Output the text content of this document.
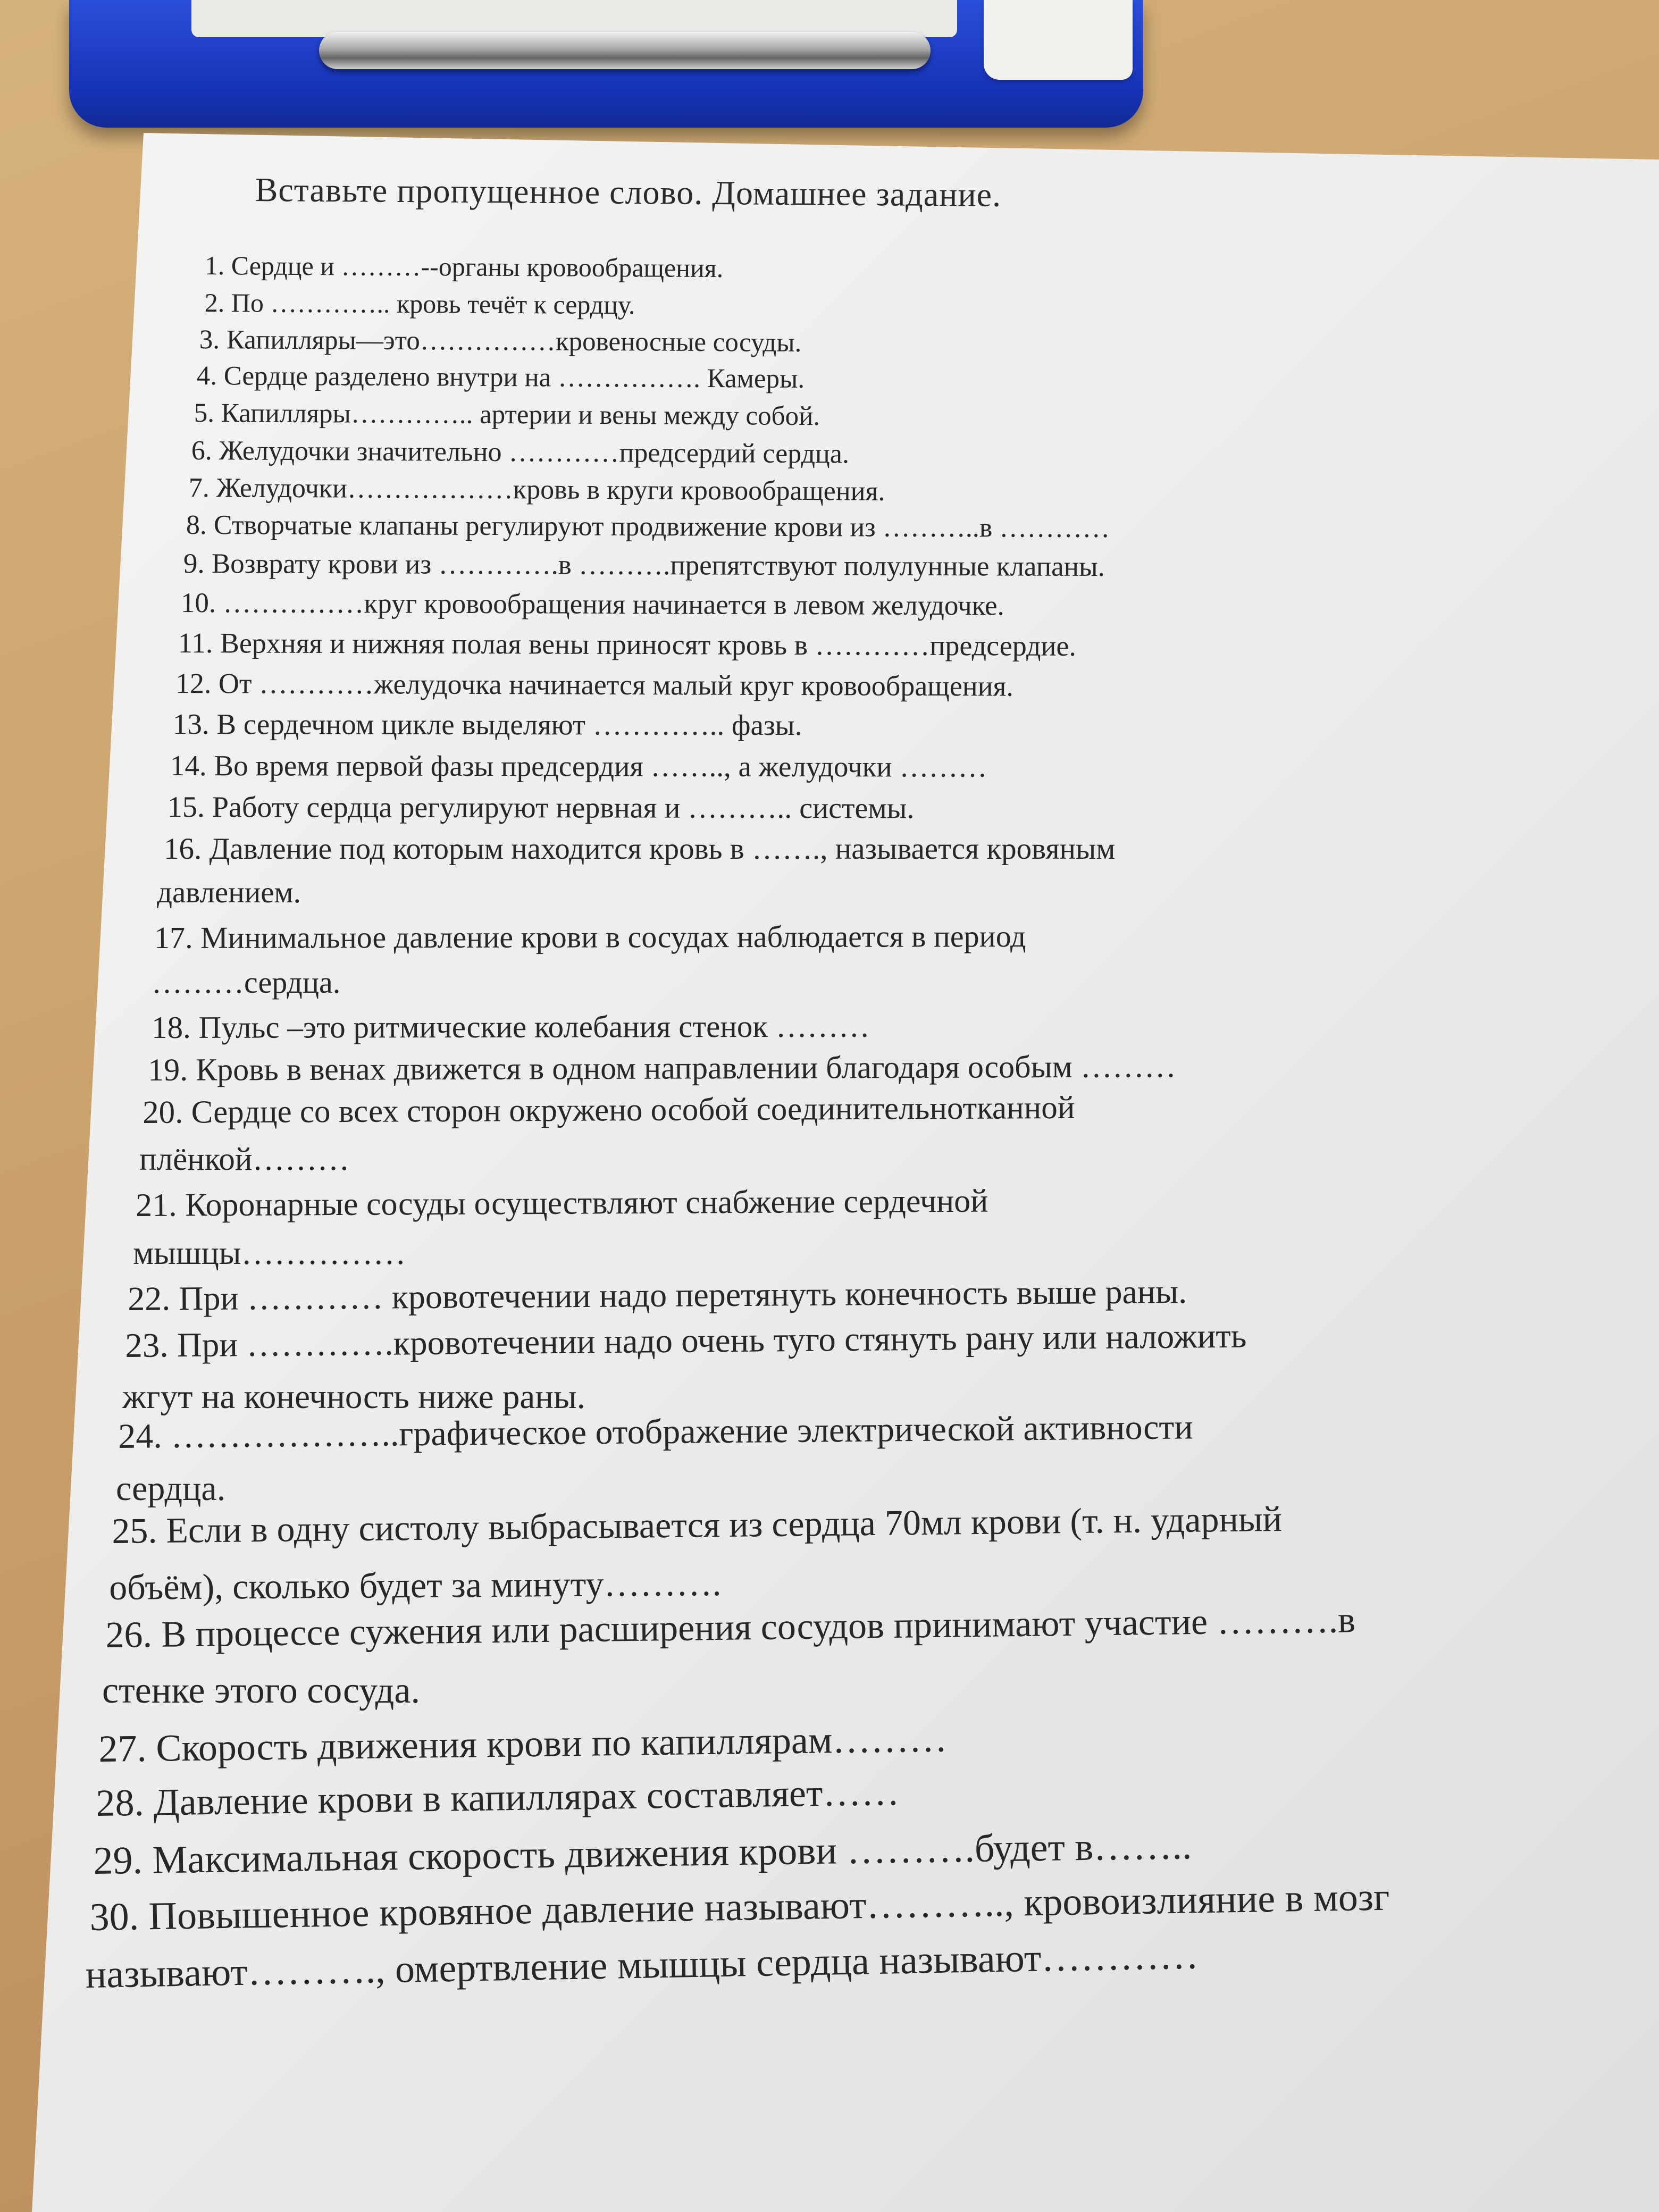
Вставьте пропущенное слово. Домашнее задание.
1. Сердце и ………--органы кровообращения.
2. По ………….. кровь течёт к сердцу.
3. Капилляры—это……………кровеносные сосуды.
4. Сердце разделено внутри на ……………. Камеры.
5. Капилляры………….. артерии и вены между собой.
6. Желудочки значительно …………предсердий сердца.
7. Желудочки………………кровь в круги кровообращения.
8. Створчатые клапаны регулируют продвижение крови из ………..в …………
9. Возврату крови из ………….в ……….препятствуют полулунные клапаны.
10. ……………круг кровообращения начинается в левом желудочке.
11. Верхняя и нижняя полая вены приносят кровь в …………предсердие.
12. От …………желудочка начинается малый круг кровообращения.
13. В сердечном цикле выделяют ………….. фазы.
14. Во время первой фазы предсердия …….., а желудочки ………
15. Работу сердца регулируют нервная и ……….. системы.
16. Давление под которым находится кровь в ……., называется кровяным
давлением.
17. Минимальное давление крови в сосудах наблюдается в период
………сердца.
18. Пульс –это ритмические колебания стенок ………
19. Кровь в венах движется в одном направлении благодаря особым ………
20. Сердце со всех сторон окружено особой соединительнотканной
плёнкой………
21. Коронарные сосуды осуществляют снабжение сердечной
мышцы……………
22. При ………… кровотечении надо перетянуть конечность выше раны.
23. При ………….кровотечении надо очень туго стянуть рану или наложить
жгут на конечность ниже раны.
24. ………………..графическое отображение электрической активности
сердца.
25. Если в одну систолу выбрасывается из сердца 70мл крови (т. н. ударный
объём), сколько будет за минуту……….
26. В процессе сужения или расширения сосудов принимают участие ……….в
стенке этого сосуда.
27. Скорость движения крови по капиллярам………
28. Давление крови в капиллярах составляет……
29. Максимальная скорость движения крови ……….будет в……..
30. Повышенное кровяное давление называют……….., кровоизлияние в мозг
называют………., омертвление мышцы сердца называют…………
